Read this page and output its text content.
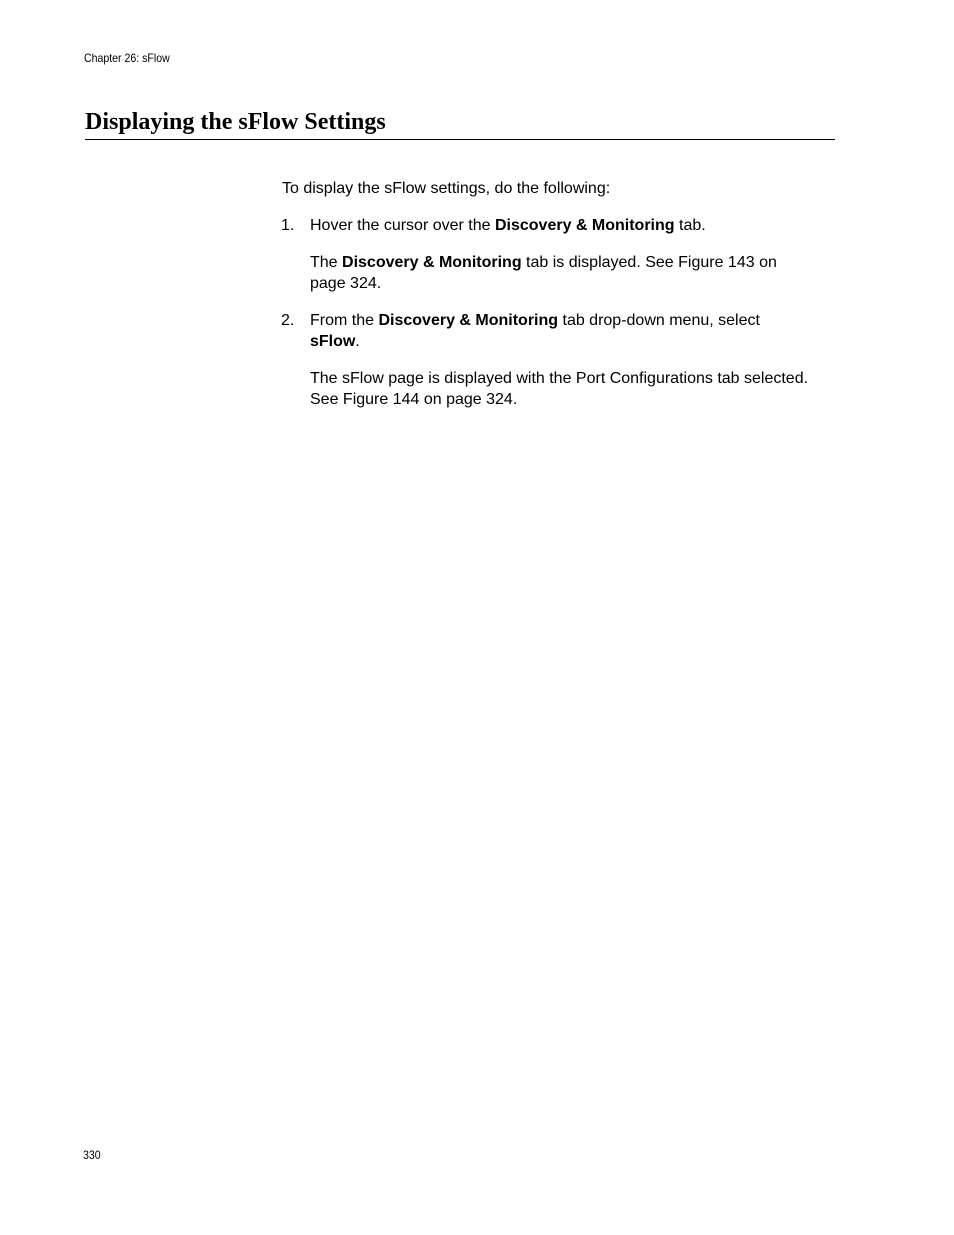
Chapter 26: sFlow
Displaying the sFlow Settings

To display the sFlow settings, do the following:

1. Hover the cursor over the Discovery & Monitoring tab.

The Discovery & Monitoring tab is displayed. See Figure 143 on
page 324.

2. From the Discovery & Monitoring tab drop-down menu, select
sFlow.

The sFlow page is displayed with the Port Configurations tab selected.
See Figure 144 on page 324.

330
